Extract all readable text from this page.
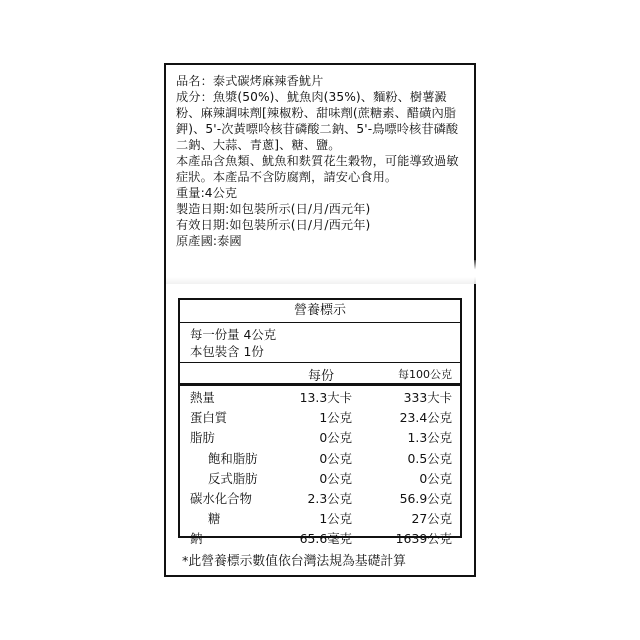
品名：泰式碳烤麻辣香魷片
成分：魚漿(50%)、魷魚肉(35%)、麵粉、樹薯澱粉、麻辣調味劑[辣椒粉、甜味劑(蔗糖素、醋磺內脂鉀)、5'-次黃嘌呤核苷磷酸二鈉、5'-鳥嘌呤核苷磷酸二鈉、大蒜、青蔥]、糖、鹽。
本產品含魚類、魷魚和麩質花生穀物，可能導致過敏症狀。本產品不含防腐劑，請安心食用。
重量:4公克
製造日期:如包裝所示(日/月/西元年)
有效日期:如包裝所示(日/月/西元年)
原產國:泰國
營養標示
每一份量 4公克
本包裝含 1份
每份	每100公克
熱量	13.3大卡	333大卡
蛋白質	1公克	23.4公克
脂肪	0公克	1.3公克
飽和脂肪	0公克	0.5公克
反式脂肪	0公克	0公克
碳水化合物	2.3公克	56.9公克
糖	1公克	27公克
鈉	65.6毫克	1639公克
*此營養標示數值依台灣法規為基礎計算
